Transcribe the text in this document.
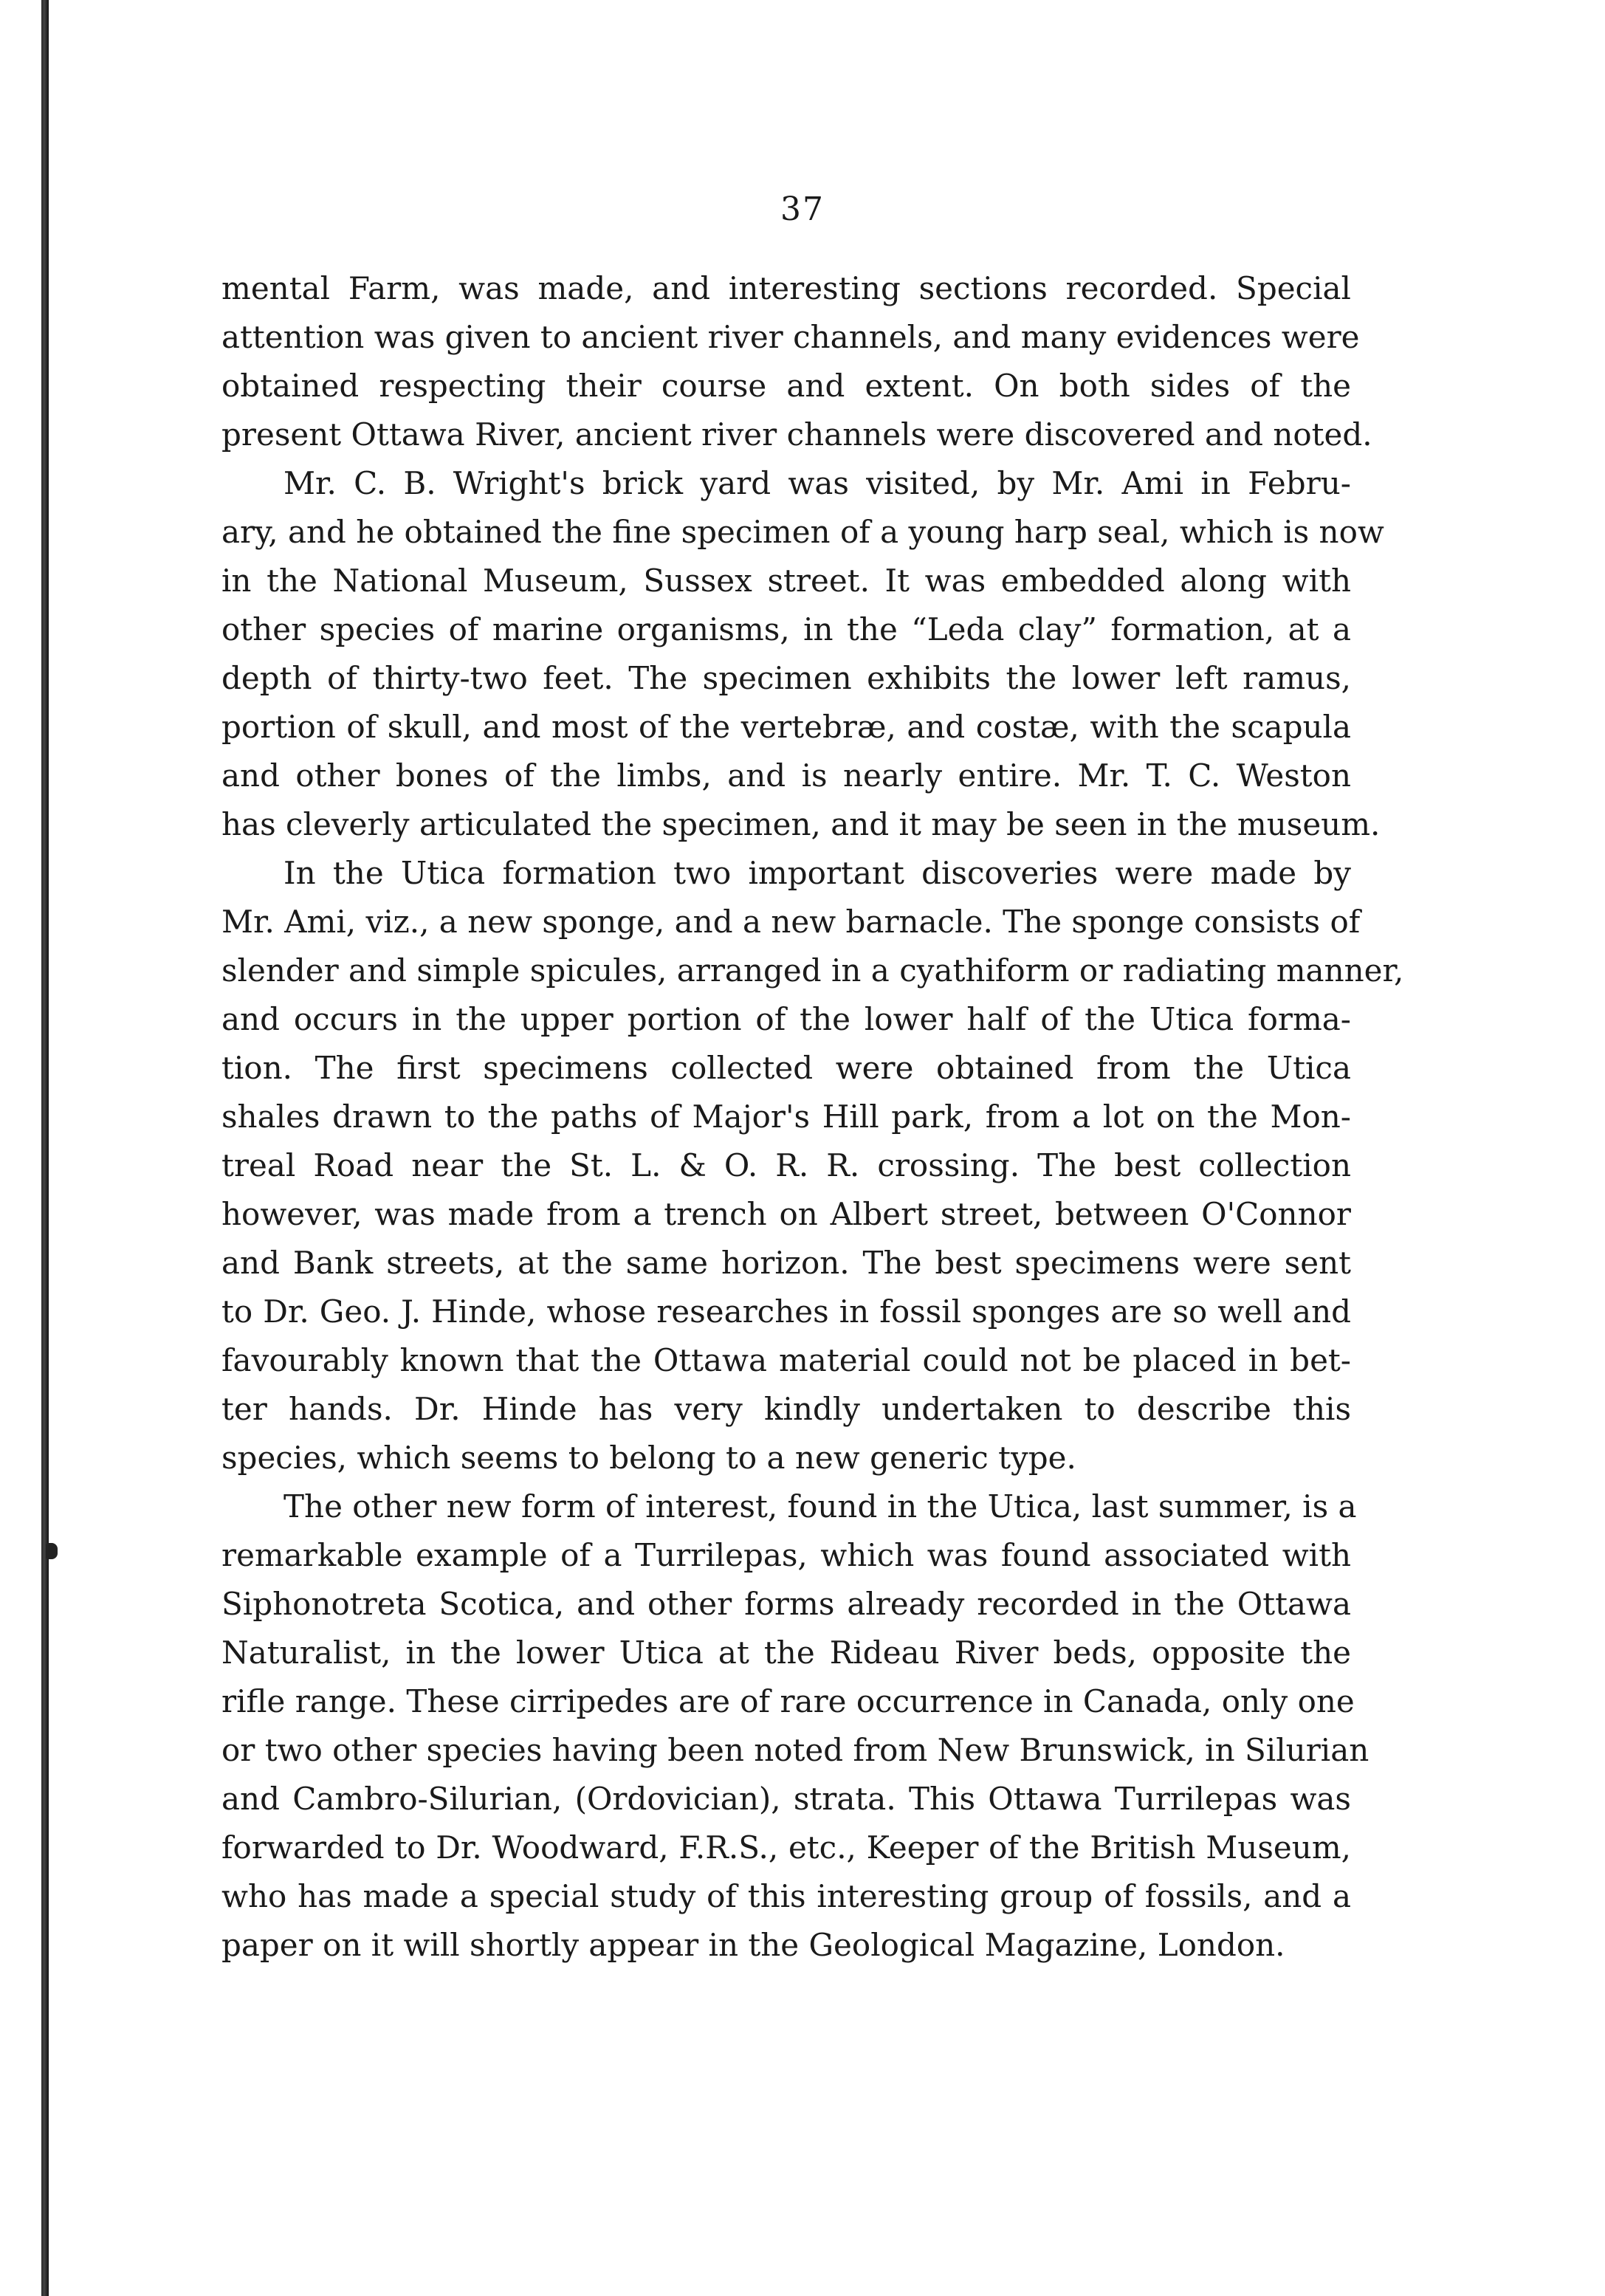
37
mental Farm, was made, and interesting sections recorded. Special
attention was given to ancient river channels, and many evidences were
obtained respecting their course and extent. On both sides of the
present Ottawa River, ancient river channels were discovered and noted.
Mr. C. B. Wright's brick yard was visited, by Mr. Ami in Febru-
ary, and he obtained the fine specimen of a young harp seal, which is now
in the National Museum, Sussex street. It was embedded along with
other species of marine organisms, in the “Leda clay” formation, at a
depth of thirty-two feet. The specimen exhibits the lower left ramus,
portion of skull, and most of the vertebræ, and costæ, with the scapula
and other bones of the limbs, and is nearly entire. Mr. T. C. Weston
has cleverly articulated the specimen, and it may be seen in the museum.
In the Utica formation two important discoveries were made by
Mr. Ami, viz., a new sponge, and a new barnacle. The sponge consists of
slender and simple spicules, arranged in a cyathiform or radiating manner,
and occurs in the upper portion of the lower half of the Utica forma-
tion. The first specimens collected were obtained from the Utica
shales drawn to the paths of Major's Hill park, from a lot on the Mon-
treal Road near the St. L. & O. R. R. crossing. The best collection
however, was made from a trench on Albert street, between O'Connor
and Bank streets, at the same horizon. The best specimens were sent
to Dr. Geo. J. Hinde, whose researches in fossil sponges are so well and
favourably known that the Ottawa material could not be placed in bet-
ter hands. Dr. Hinde has very kindly undertaken to describe this
species, which seems to belong to a new generic type.
The other new form of interest, found in the Utica, last summer, is a
remarkable example of a Turrilepas, which was found associated with
Siphonotreta Scotica, and other forms already recorded in the Ottawa
Naturalist, in the lower Utica at the Rideau River beds, opposite the
rifle range. These cirripedes are of rare occurrence in Canada, only one
or two other species having been noted from New Brunswick, in Silurian
and Cambro-Silurian, (Ordovician), strata. This Ottawa Turrilepas was
forwarded to Dr. Woodward, F.R.S., etc., Keeper of the British Museum,
who has made a special study of this interesting group of fossils, and a
paper on it will shortly appear in the Geological Magazine, London.
